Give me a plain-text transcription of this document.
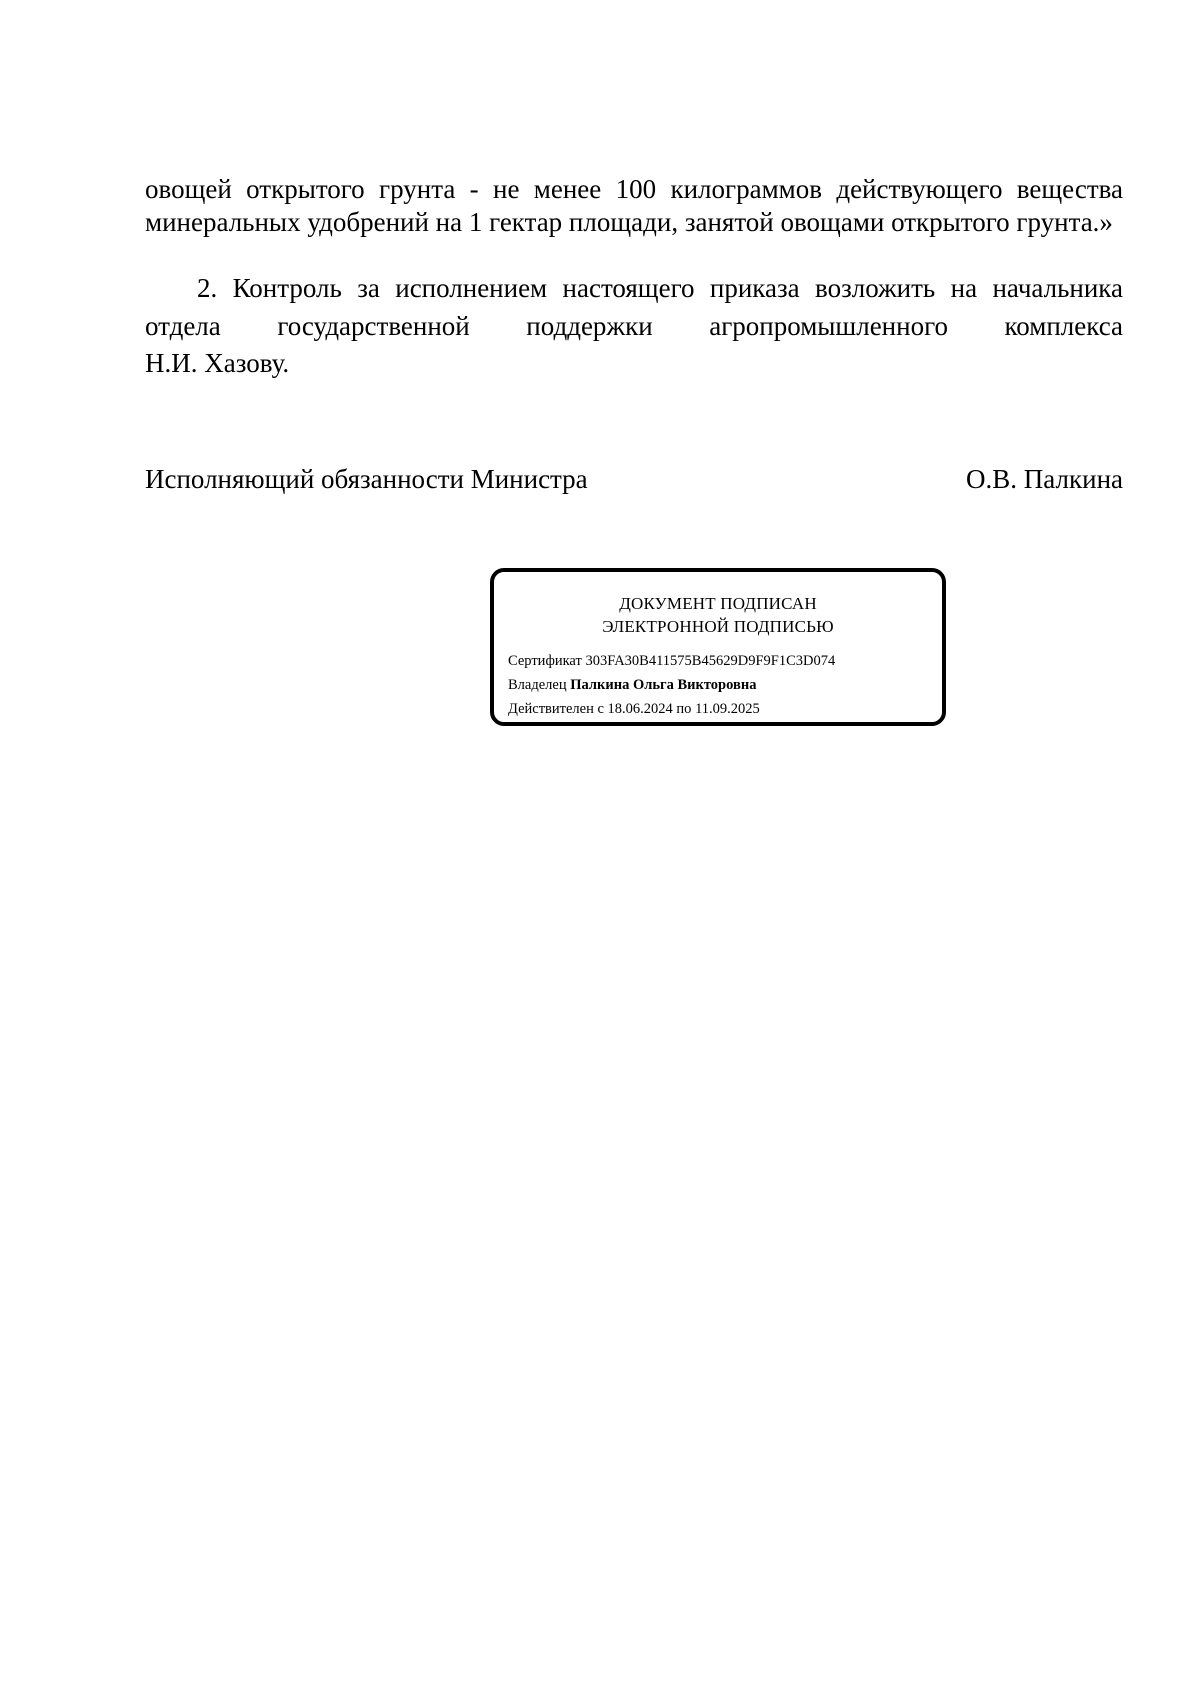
овощей открытого грунта - не менее 100 килограммов действующего вещества минеральных удобрений на 1 гектар площади, занятой овощами открытого грунта.»
2. Контроль за исполнением настоящего приказа возложить на начальника
отдела государственной поддержки агропромышленного комплекса
Н.И. Хазову.
Исполняющий обязанности Министра	О.В. Палкина
ДОКУМЕНТ ПОДПИСАН
ЭЛЕКТРОННОЙ ПОДПИСЬЮ
Сертификат 303FA30B411575B45629D9F9F1C3D074
Владелец Палкина Ольга Викторовна
Действителен с 18.06.2024 по 11.09.2025
